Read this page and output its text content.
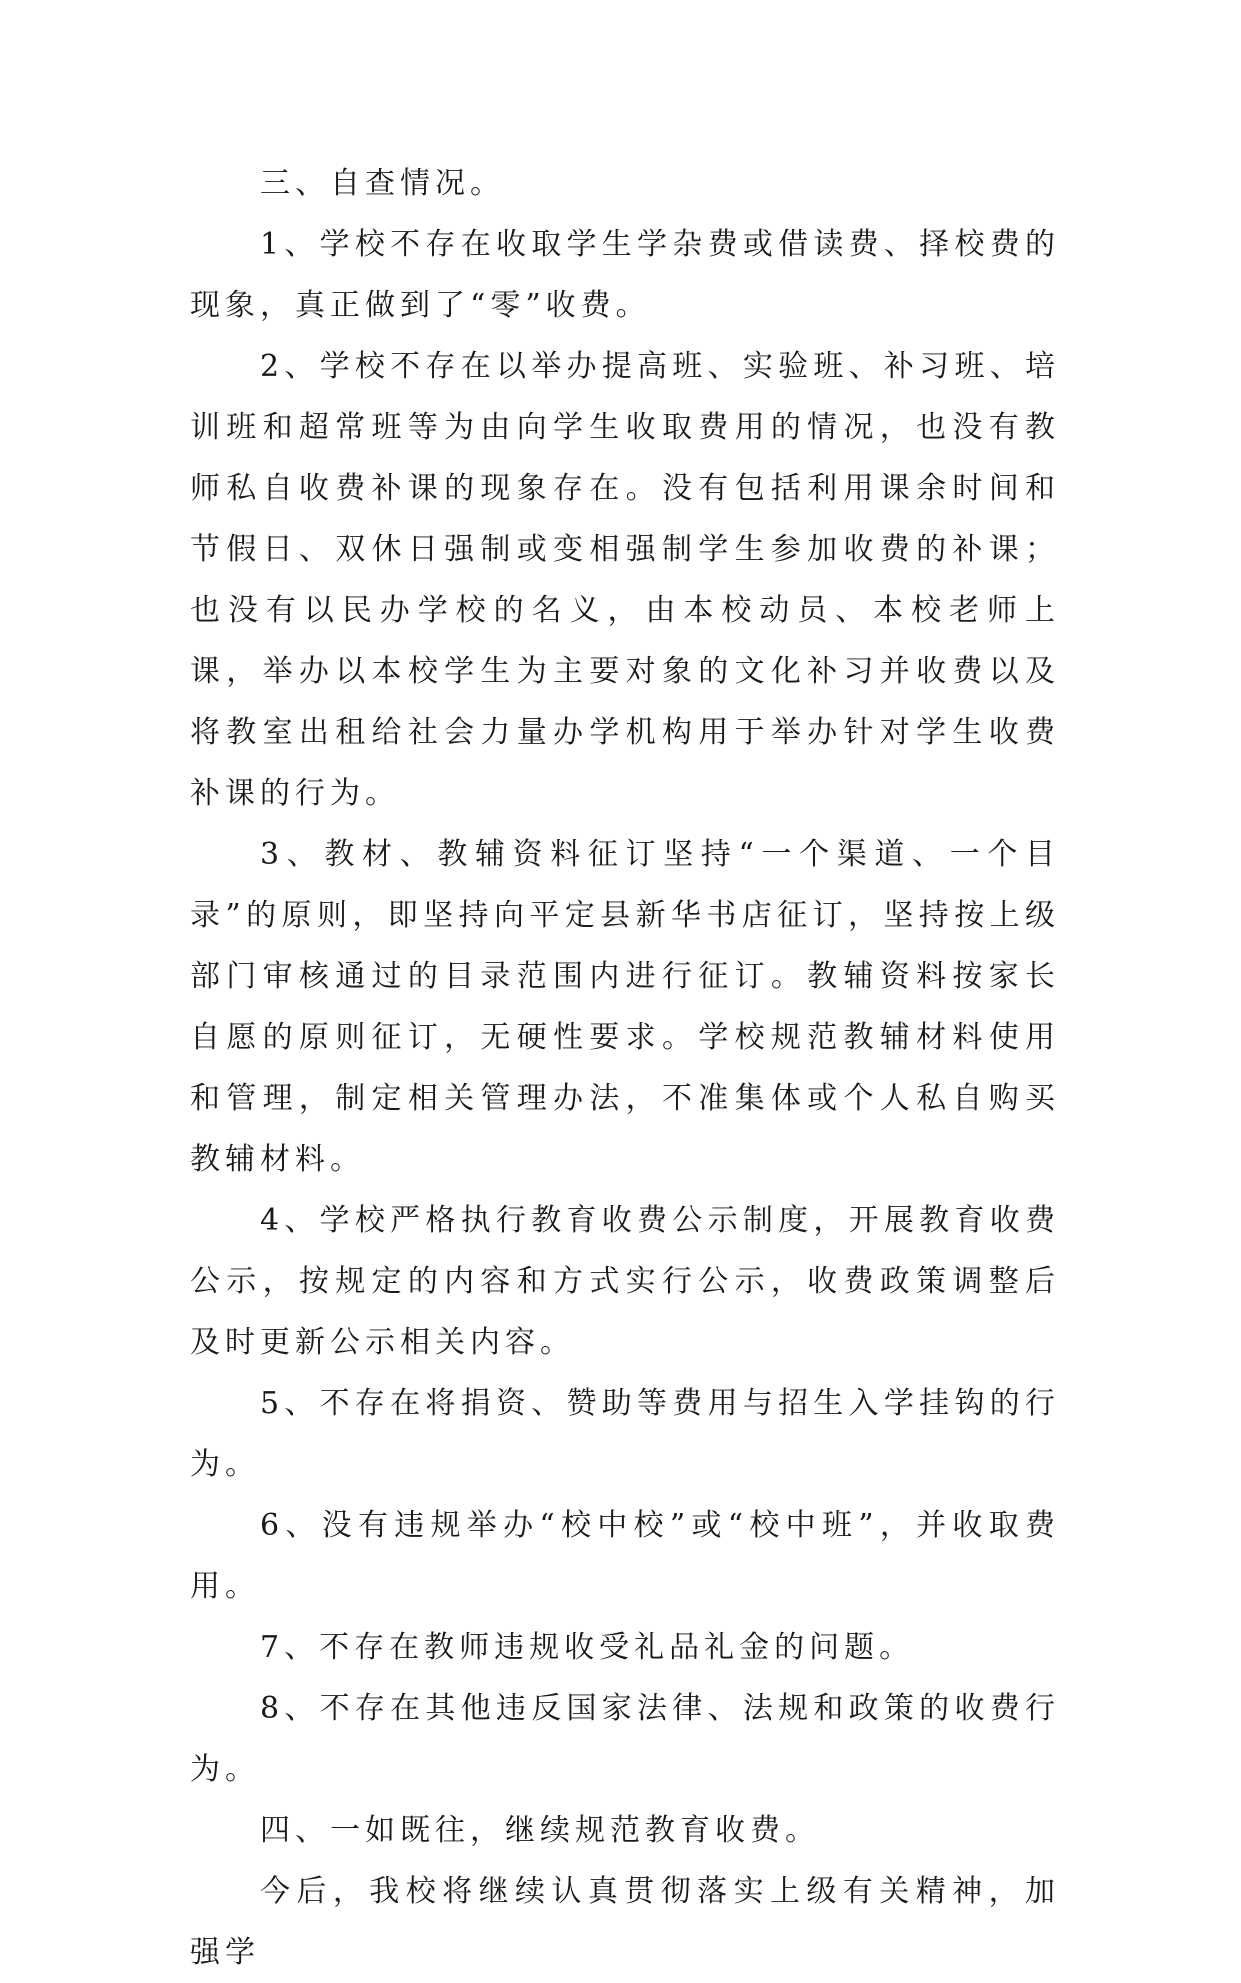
三、自查情况。

1、学校不存在收取学生学杂费或借读费、择校费的现象，真正做到了“零”收费。

2、学校不存在以举办提高班、实验班、补习班、培训班和超常班等为由向学生收取费用的情况，也没有教师私自收费补课的现象存在。没有包括利用课余时间和节假日、双休日强制或变相强制学生参加收费的补课；也没有以民办学校的名义，由本校动员、本校老师上课，举办以本校学生为主要对象的文化补习并收费以及将教室出租给社会力量办学机构用于举办针对学生收费补课的行为。

3、教材、教辅资料征订坚持“一个渠道、一个目录”的原则，即坚持向平定县新华书店征订，坚持按上级部门审核通过的目录范围内进行征订。教辅资料按家长自愿的原则征订，无硬性要求。学校规范教辅材料使用和管理，制定相关管理办法，不准集体或个人私自购买教辅材料。

4、学校严格执行教育收费公示制度，开展教育收费公示，按规定的内容和方式实行公示，收费政策调整后及时更新公示相关内容。

5、不存在将捐资、赞助等费用与招生入学挂钩的行为。

6、没有违规举办“校中校”或“校中班”，并收取费用。

7、不存在教师违规收受礼品礼金的问题。

8、不存在其他违反国家法律、法规和政策的收费行为。

四、一如既往，继续规范教育收费。

今后，我校将继续认真贯彻落实上级有关精神，加强学
